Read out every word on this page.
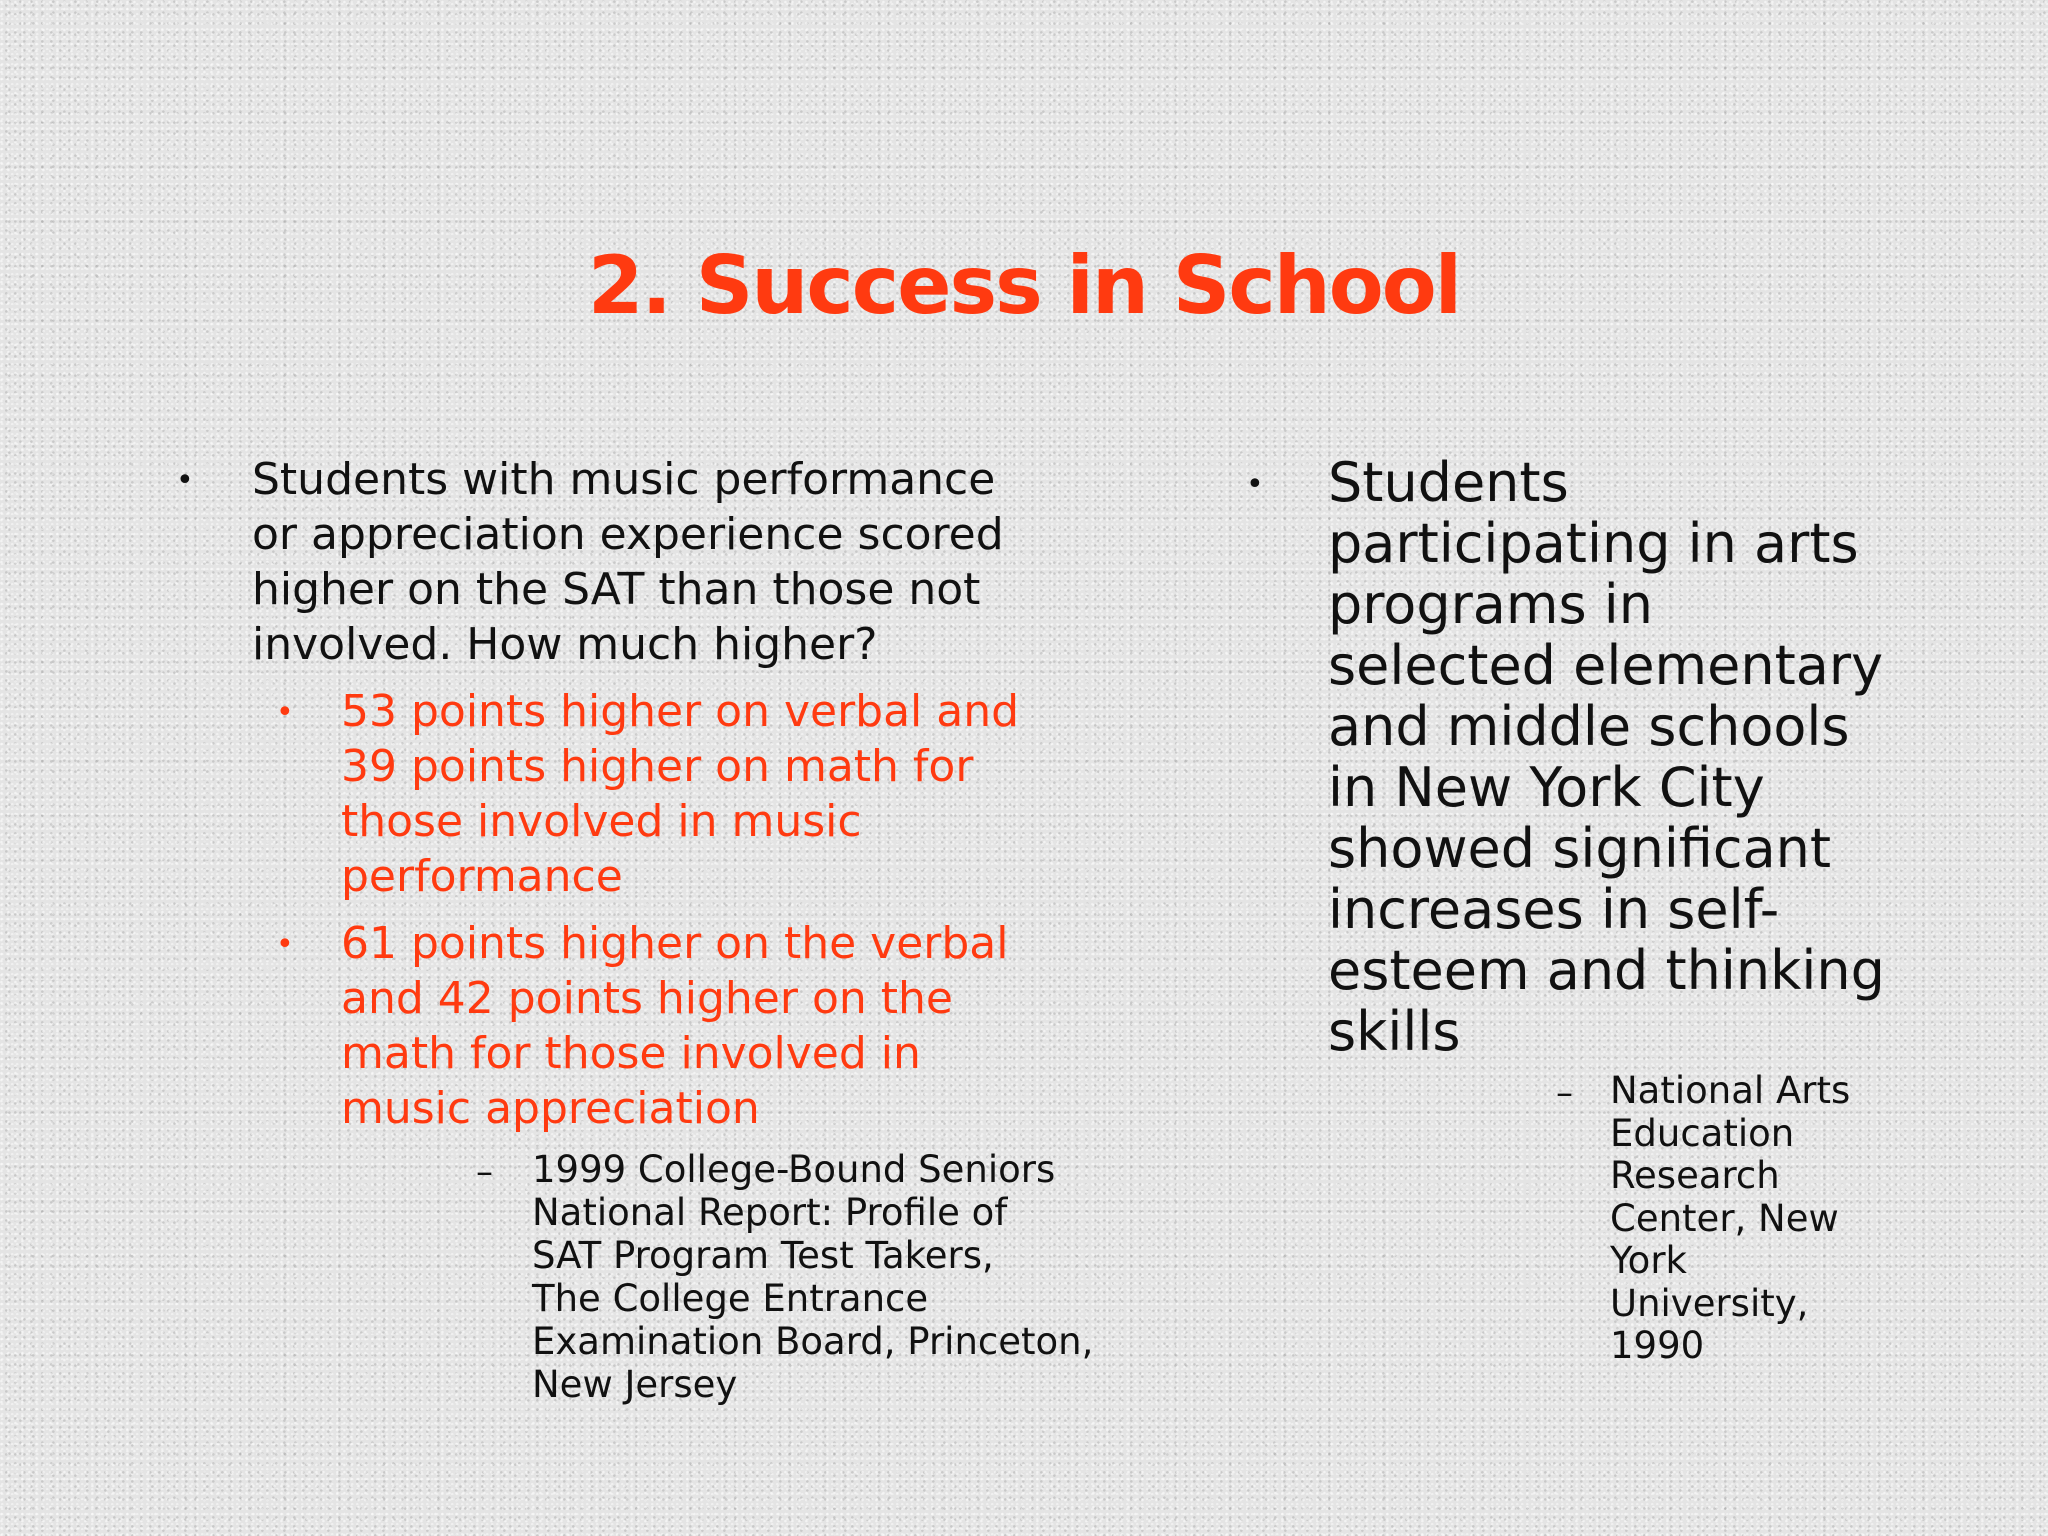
2. Success in School
• Students with music performance
or appreciation experience scored
higher on the SAT than those not
involved. How much higher?
• 53 points higher on verbal and
39 points higher on math for
those involved in music
performance
• 61 points higher on the verbal
and 42 points higher on the
math for those involved in
music appreciation
– 1999 College-Bound Seniors
National Report: Profile of
SAT Program Test Takers,
The College Entrance
Examination Board, Princeton,
New Jersey
• Students
participating in arts
programs in
selected elementary
and middle schools
in New York City
showed significant
increases in self-
esteem and thinking
skills
– National Arts
Education
Research
Center, New
York
University,
1990
